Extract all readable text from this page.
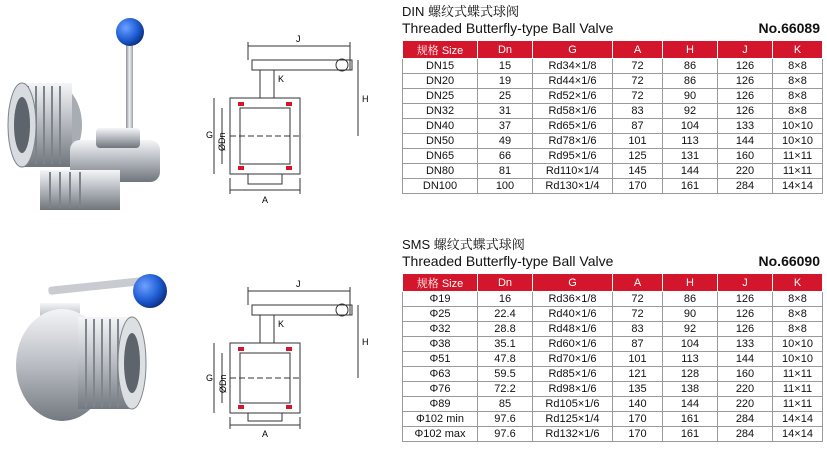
J
K
H
G ØDn
A
DIN 螺纹式蝶式球阀
Threaded Butterfly-type Ball Valve	No.66089
规格 Size	Dn	G	A	H	J	K
DN15	15	Rd34×1/8	72	86	126	8×8
DN20	19	Rd44×1/6	72	86	126	8×8
DN25	25	Rd52×1/6	72	90	126	8×8
DN32	31	Rd58×1/6	83	92	126	8×8
DN40	37	Rd65×1/6	87	104	133	10×10
DN50	49	Rd78×1/6	101	113	144	10×10
DN65	66	Rd95×1/6	125	131	160	11×11
DN80	81	Rd110×1/4	145	144	220	11×11
DN100	100	Rd130×1/4	170	161	284	14×14
J
K
H
G ØDn
A
SMS 螺纹式蝶式球阀
Threaded Butterfly-type Ball Valve	No.66090
规格 Size	Dn	G	A	H	J	K
Φ19	16	Rd36×1/8	72	86	126	8×8
Φ25	22.4	Rd40×1/6	72	90	126	8×8
Φ32	28.8	Rd48×1/6	83	92	126	8×8
Φ38	35.1	Rd60×1/6	87	104	133	10×10
Φ51	47.8	Rd70×1/6	101	113	144	10×10
Φ63	59.5	Rd85×1/6	121	128	160	11×11
Φ76	72.2	Rd98×1/6	135	138	220	11×11
Φ89	85	Rd105×1/6	140	144	220	11×11
Φ102 min	97.6	Rd125×1/4	170	161	284	14×14
Φ102 max	97.6	Rd132×1/6	170	161	284	14×14
